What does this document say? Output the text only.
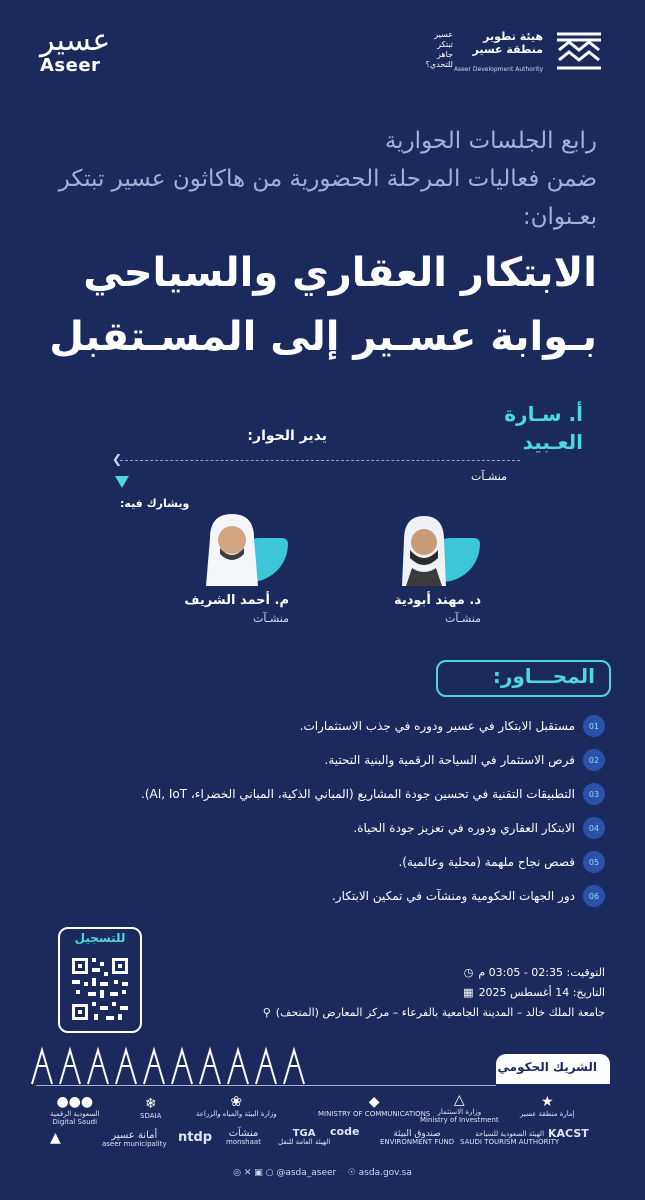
عسير
Aseer
هيئة تطوير منطقة عسير
Aseer Development Authority
عسير
تبتكر
جاهز
للتحدي؟
رابع الجلسات الحوارية
ضمن فعاليات المرحلة الحضورية من هاكاثون عسير تبتكر
بعـنوان:
الابتكار العقاري والسياحي
بـوابة عسـير إلى المسـتقبل
أ. سـارة
العـبيد
منشـآت
يدير الحوار:
❮
ويشارك فيه:
د. مهند أبودية
منشـآت
م. أحمد الشريف
منشـآت
المحـــاور:
01
مستقبل الابتكار في عسير ودوره في جذب الاستثمارات.
02
فرص الاستثمار في السياحة الرقمية والبنية التحتية.
03
التطبيقات التقنية في تحسين جودة المشاريع (المباني الذكية، المباني الخضراء، AI, IoT).
04
الابتكار العقاري ودوره في تعزيز جودة الحياة.
05
قصص نجاح ملهمة (محلية وعالمية).
06
دور الجهات الحكومية ومنشآت في تمكين الابتكار.
للتسجيل
◷ التوقيت: 02:35 - 03:05 م
▦ التاريخ: 14 أغسطس 2025
⚲ جامعة الملك خالد – المدينة الجامعية بالفرعاء – مركز المعارض (المتحف)
الشريك الحكومي
●●●
السعودية الرقمية
Digital Saudi
❄
SDAIA
❀
وزارة البيئة والمياه والزراعة
◆
MINISTRY OF COMMUNICATIONS
△
وزارة الاستثمار
Ministry of Investment
★
إمارة منطقة عسير
▲	أمانة عسير
aseer municipality ntdp منشآت
monshaat
TGA
الهيئة العامة للنقل
code	صندوق البيئة
ENVIRONMENT FUND
الهيئة السعودية للسياحة
SAUDI TOURISM AUTHORITY
KACST
◎ ✕ ▣ ○ @asda_aseer ☉ asda.gov.sa
